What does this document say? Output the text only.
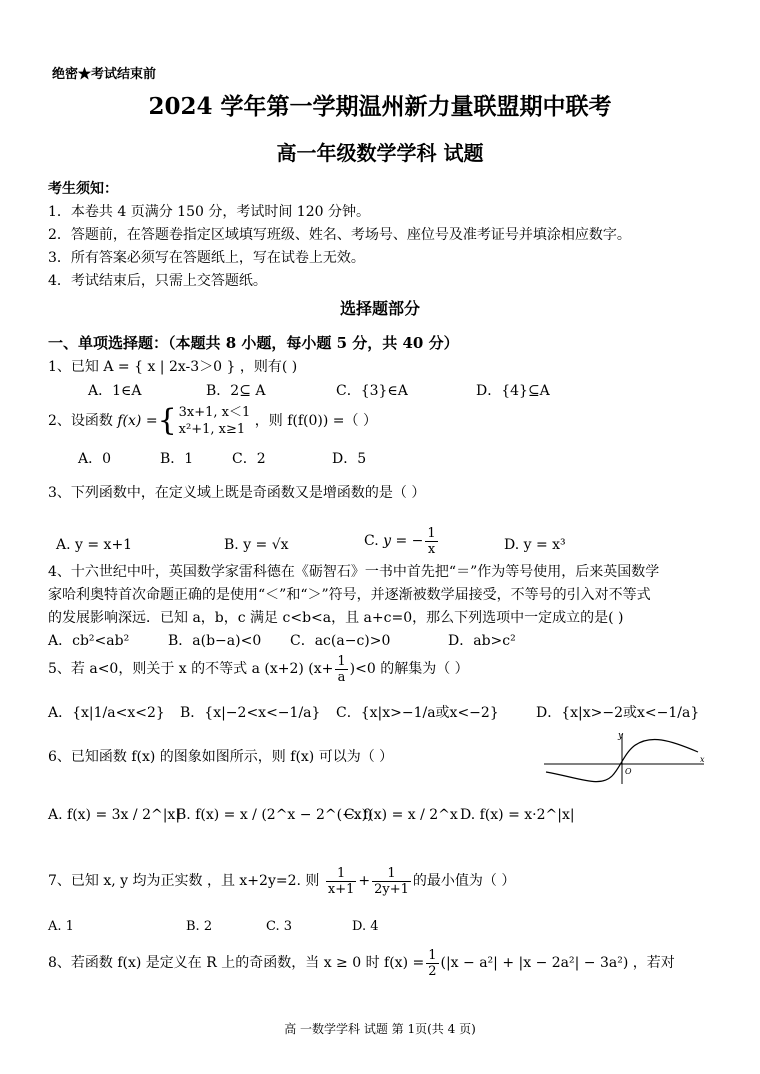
绝密★考试结束前
2024 学年第一学期温州新力量联盟期中联考
高一年级数学学科 试题
考生须知：
1．本卷共 4 页满分 150 分，考试时间 120 分钟。
2．答题前，在答题卷指定区域填写班级、姓名、考场号、座位号及准考证号并填涂相应数字。
3．所有答案必须写在答题纸上，写在试卷上无效。
4．考试结束后，只需上交答题纸。
选择题部分
一、单项选择题：（本题共 8 小题，每小题 5 分，共 40 分）
1、已知 A = { x | 2x-3＞0 } ，则有( )
A．1∈A	B．2⊆ A	C．{3}∈A	D．{4}⊆A
2、设函数 f(x) ={ 3x+1, x＜1
x²+1, x≥1
，则 f(f(0)) =（ ）
A．0	B．1	C．2	D．5
3、下列函数中，在定义域上既是奇函数又是增函数的是（ ）
A. y = x+1	B. y = √x	C. y = − $\frac{1}{x}$	D. y = x³
4、十六世纪中叶，英国数学家雷科德在《砺智石》一书中首先把“＝”作为等号使用，后来英国数学
家哈利奥特首次命题正确的是使用“＜”和“＞”符号，并逐渐被数学届接受，不等号的引入对不等式
的发展影响深远．已知 a，b，c 满足 c<b<a，且 a+c=0，那么下列选项中一定成立的是( )
A．cb²<ab²	B．a(b−a)<0 C．ac(a−c)>0	D．ab>c²
5、若 a<0，则关于 x 的不等式 a (x+2) $(x+ \frac{1}{a} )<0$ 的解集为（ ）
A．{x|1/a<x<2} B．{x|−2<x<−1/a} C．{x|x>−1/a或x<−2}	D．{x|x>−2或x<−1/a}
6、已知函数 f(x) 的图象如图所示，则 f(x) 可以为（ ）
y
O
x
A. f(x) = 3x / 2^|x|
B. f(x) = x / (2^x − 2^(−x))
C. f(x) = x / 2^x D. f(x) = x·2^|x|
7、已知 x, y 均为正实数 ，且 x+2y=2. 则 $\frac{1}{x+1} + \frac{1}{2y+1}$ 的最小值为（ ）
A. 1	B. 2	C. 3	D. 4
8、若函数 f(x) 是定义在 R 上的奇函数，当 x ≥ 0 时 $f(x) = \frac{1}{2} (|x - a^2| + |x - 2a^2| - 3a^2)$ ，若对
高 一数学学科 试题 第 1页(共 4 页)
